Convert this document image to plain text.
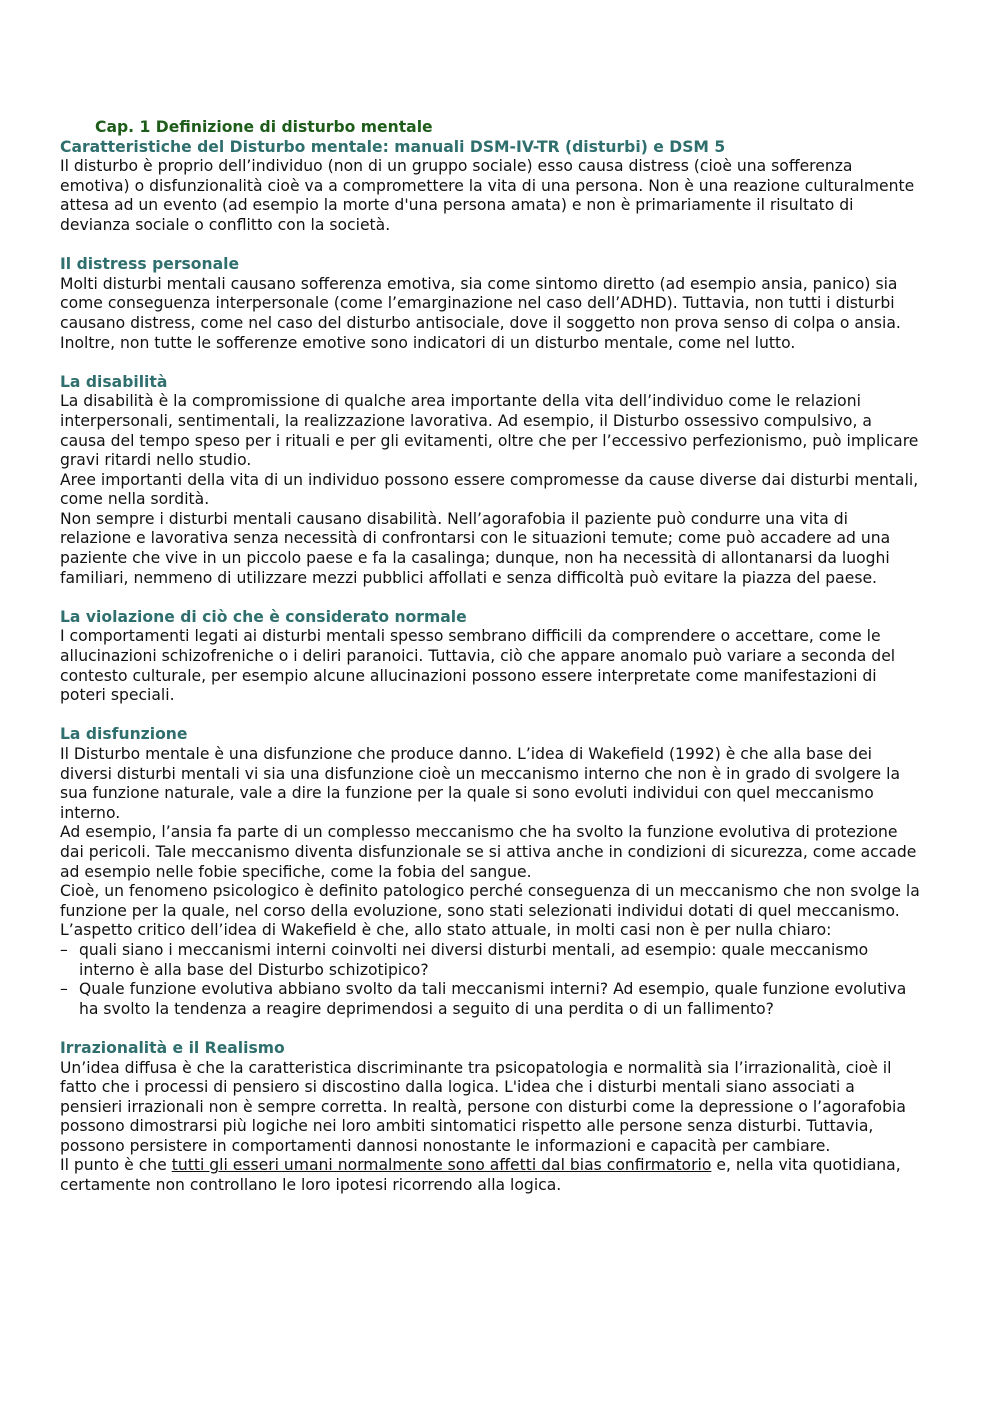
Cap. 1 Definizione di disturbo mentale

Caratteristiche del Disturbo mentale: manuali DSM-IV-TR (disturbi) e DSM 5

Il disturbo è proprio dell’individuo (non di un gruppo sociale) esso causa distress (cioè una sofferenza emotiva) o disfunzionalità cioè va a compromettere la vita di una persona. Non è una reazione culturalmente attesa ad un evento (ad esempio la morte d'una persona amata) e non è primariamente il risultato di devianza sociale o conflitto con la società.

Il distress personale

Molti disturbi mentali causano sofferenza emotiva, sia come sintomo diretto (ad esempio ansia, panico) sia come conseguenza interpersonale (come l’emarginazione nel caso dell’ADHD). Tuttavia, non tutti i disturbi causano distress, come nel caso del disturbo antisociale, dove il soggetto non prova senso di colpa o ansia. Inoltre, non tutte le sofferenze emotive sono indicatori di un disturbo mentale, come nel lutto.

La disabilità

La disabilità è la compromissione di qualche area importante della vita dell’individuo come le relazioni interpersonali, sentimentali, la realizzazione lavorativa. Ad esempio, il Disturbo ossessivo compulsivo, a causa del tempo speso per i rituali e per gli evitamenti, oltre che per l’eccessivo perfezionismo, può implicare gravi ritardi nello studio.

Aree importanti della vita di un individuo possono essere compromesse da cause diverse dai disturbi mentali, come nella sordità.

Non sempre i disturbi mentali causano disabilità. Nell’agorafobia il paziente può condurre una vita di relazione e lavorativa senza necessità di confrontarsi con le situazioni temute; come può accadere ad una paziente che vive in un piccolo paese e fa la casalinga; dunque, non ha necessità di allontanarsi da luoghi familiari, nemmeno di utilizzare mezzi pubblici affollati e senza difficoltà può evitare la piazza del paese.

La violazione di ciò che è considerato normale

I comportamenti legati ai disturbi mentali spesso sembrano difficili da comprendere o accettare, come le allucinazioni schizofreniche o i deliri paranoici. Tuttavia, ciò che appare anomalo può variare a seconda del contesto culturale, per esempio alcune allucinazioni possono essere interpretate come manifestazioni di poteri speciali.

La disfunzione

Il Disturbo mentale è una disfunzione che produce danno. L’idea di Wakefield (1992) è che alla base dei diversi disturbi mentali vi sia una disfunzione cioè un meccanismo interno che non è in grado di svolgere la sua funzione naturale, vale a dire la funzione per la quale si sono evoluti individui con quel meccanismo interno.

Ad esempio, l’ansia fa parte di un complesso meccanismo che ha svolto la funzione evolutiva di protezione dai pericoli. Tale meccanismo diventa disfunzionale se si attiva anche in condizioni di sicurezza, come accade ad esempio nelle fobie specifiche, come la fobia del sangue.

Cioè, un fenomeno psicologico è definito patologico perché conseguenza di un meccanismo che non svolge la funzione per la quale, nel corso della evoluzione, sono stati selezionati individui dotati di quel meccanismo.

L’aspetto critico dell’idea di Wakefield è che, allo stato attuale, in molti casi non è per nulla chiaro:

– quali siano i meccanismi interni coinvolti nei diversi disturbi mentali, ad esempio: quale meccanismo interno è alla base del Disturbo schizotipico?
– Quale funzione evolutiva abbiano svolto da tali meccanismi interni? Ad esempio, quale funzione evolutiva ha svolto la tendenza a reagire deprimendosi a seguito di una perdita o di un fallimento?

Irrazionalità e il Realismo

Un’idea diffusa è che la caratteristica discriminante tra psicopatologia e normalità sia l’irrazionalità, cioè il fatto che i processi di pensiero si discostino dalla logica. L'idea che i disturbi mentali siano associati a pensieri irrazionali non è sempre corretta. In realtà, persone con disturbi come la depressione o l’agorafobia possono dimostrarsi più logiche nei loro ambiti sintomatici rispetto alle persone senza disturbi. Tuttavia, possono persistere in comportamenti dannosi nonostante le informazioni e capacità per cambiare.

Il punto è che tutti gli esseri umani normalmente sono affetti dal bias confirmatorio e, nella vita quotidiana, certamente non controllano le loro ipotesi ricorrendo alla logica.
